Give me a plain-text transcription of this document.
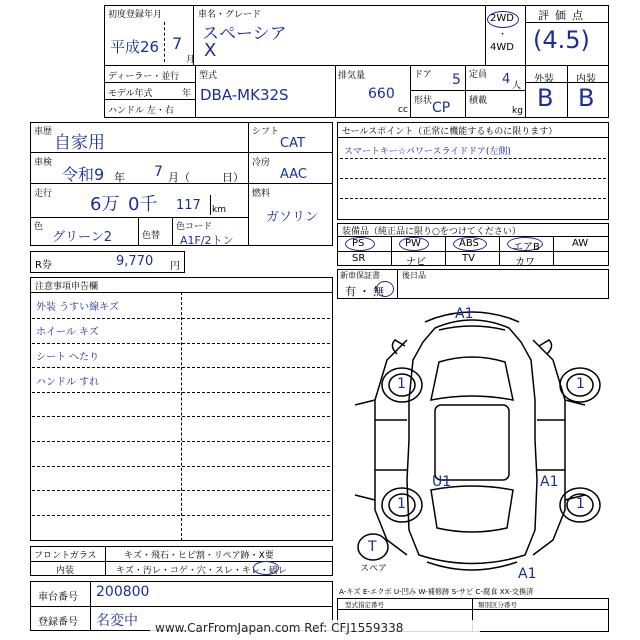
初度登録年月
平成26 7
月
車名・グレード
スペーシア
X
2WD
・
4WD
評価点
(4.5)
ディーラー・並行
モデル年式	年
ハンドル 左・右
型式
DBA-MK32S
排気量
660
cc
ドア 5 定員 4 人
形状 CP 積載
kg
外装 内装
B B
車歴
自家用
車検
令和9 年 7 月（	日）
走行 6万 0千 117 km
色
グリーン2	色替
色コード
A1F/2トン
シフト
CAT
冷房
AAC
燃料
ガソリン
R券	9,770 円
セールスポイント（正常に機能するものに限ります）
スマートキー☆パワースライドドア(左側)
装備品（純正品に限り○をつけてください）
PS	PW	ABS	エアB	AW
SR	ナビ	TV	カワ
新車保証書	後日品
有・無
注意事項申告欄
外装 うすい線キズ
ホイール キズ
シート へたり
ハンドル すれ
A1
1	1
1	1
U1	A1
A1
T
スペア
A-キズ E-エクボ U-凹み W-補修跡 S-サビ C-腐食 XX-交換済
フロントガラス	キズ・飛石・ヒビ割・リペア跡・X要
内装	キズ・汚レ・コゲ・穴・スレ・キレ・破レ
車台番号 200800
登録番号 名変中
型式指定番号	類別区分番号
www.CarFromJapan.com Ref: CFJ1559338
